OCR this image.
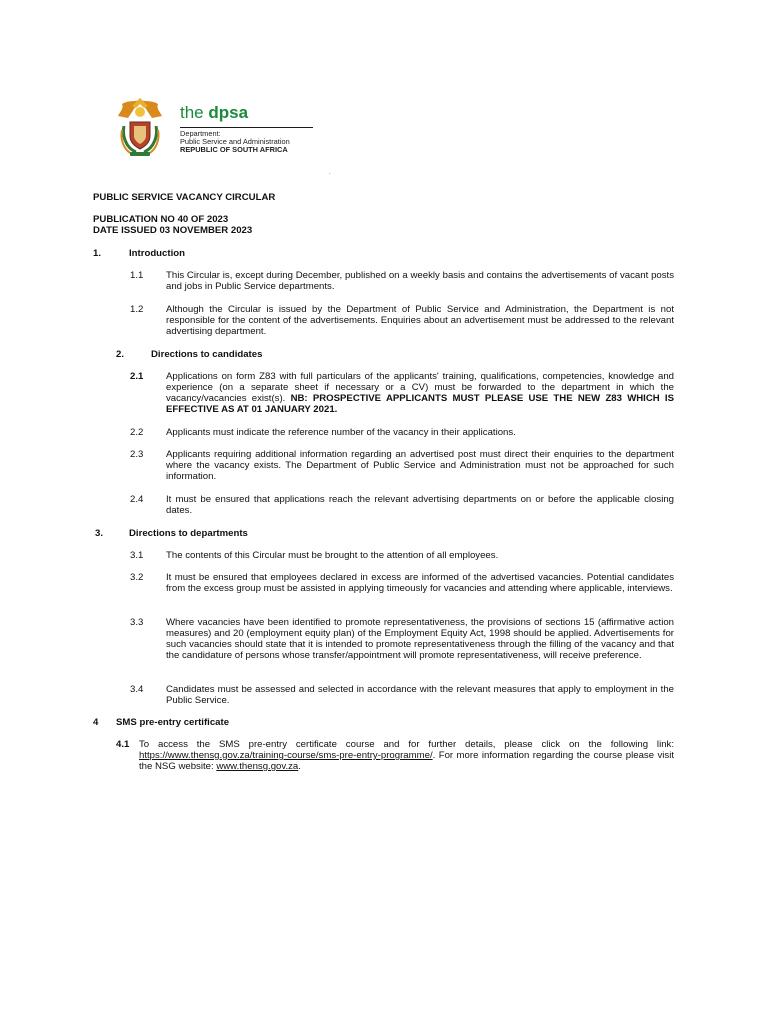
the dpsa
Department:
Public Service and Administration
REPUBLIC OF SOUTH AFRICA
.
PUBLIC SERVICE VACANCY CIRCULAR
PUBLICATION NO 40 OF 2023
DATE ISSUED 03 NOVEMBER 2023
1.	Introduction
1.1 This Circular is, except during December, published on a weekly basis and contains the advertisements of vacant posts and jobs in Public Service departments.
1.2 Although the Circular is issued by the Department of Public Service and Administration, the Department is not responsible for the content of the advertisements. Enquiries about an advertisement must be addressed to the relevant advertising department.
2.	Directions to candidates
2.1 Applications on form Z83 with full particulars of the applicants' training, qualifications, competencies, knowledge and experience (on a separate sheet if necessary or a CV) must be forwarded to the department in which the vacancy/vacancies exist(s). NB: PROSPECTIVE APPLICANTS MUST PLEASE USE THE NEW Z83 WHICH IS EFFECTIVE AS AT 01 JANUARY 2021.
2.2 Applicants must indicate the reference number of the vacancy in their applications.
2.3 Applicants requiring additional information regarding an advertised post must direct their enquiries to the department where the vacancy exists. The Department of Public Service and Administration must not be approached for such information.
2.4 It must be ensured that applications reach the relevant advertising departments on or before the applicable closing dates.
3.	Directions to departments
3.1 The contents of this Circular must be brought to the attention of all employees.
3.2 It must be ensured that employees declared in excess are informed of the advertised vacancies. Potential candidates from the excess group must be assisted in applying timeously for vacancies and attending where applicable, interviews.
3.3 Where vacancies have been identified to promote representativeness, the provisions of sections 15 (affirmative action measures) and 20 (employment equity plan) of the Employment Equity Act, 1998 should be applied. Advertisements for such vacancies should state that it is intended to promote representativeness through the filling of the vacancy and that the candidature of persons whose transfer/appointment will promote representativeness, will receive preference.
3.4 Candidates must be assessed and selected in accordance with the relevant measures that apply to employment in the Public Service.
4 SMS pre-entry certificate
4.1 To access the SMS pre-entry certificate course and for further details, please click on the following link: https://www.thensg.gov.za/training-course/sms-pre-entry-programme/. For more information regarding the course please visit the NSG website: www.thensg.gov.za.
